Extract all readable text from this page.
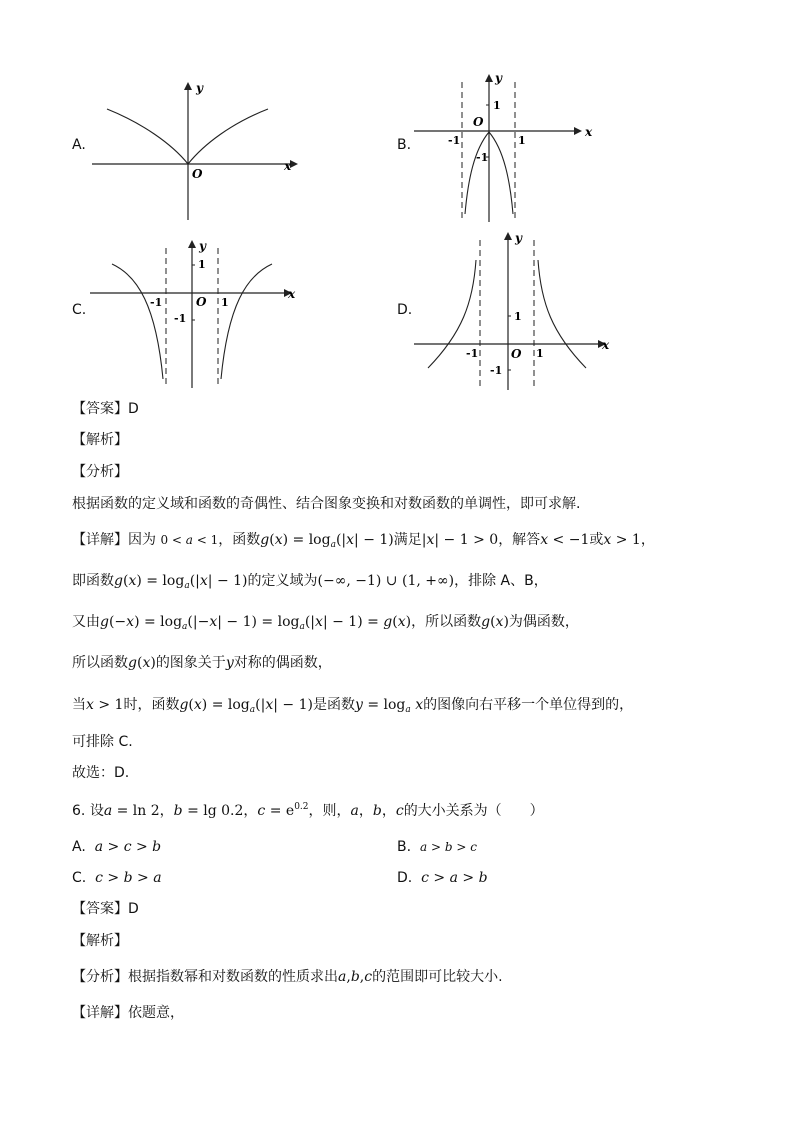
A.
y
x
O
B.
y
x
O
1
-1
-1	1
C.
y
x
O
1
-1
-1	1	D.
y
x
O
1
-1
-1	1
【答案】D
【解析】
【分析】
根据函数的定义域和函数的奇偶性、结合图象变换和对数函数的单调性，即可求解.
【详解】因为 0 < a < 1，函数$g(x) = \log_a(|x| - 1)$满足|x| − 1 > 0，解答x < −1或x > 1，
即函数$g(x) = \log_a(|x| - 1)$的定义域为(−∞, −1) ∪ (1, +∞)，排除 A、B，
又由$g(-x) = \log_a(|-x| - 1) = \log_a(|x| - 1) = g(x)$，所以函数g(x)为偶函数，
所以函数g(x)的图象关于y对称的偶函数，
当x > 1时，函数$g(x) = \log_a(|x| - 1)$是函数$y = \log_a x$的图像向右平移一个单位得到的，
可排除 C.
故选：D.
6. 设a = ln 2，b = lg 0.2，$c = e^{0.2}$，则，a，b，c的大小关系为（　　）
A. a > c > b	B. a > b > c
C. c > b > a	D. c > a > b
【答案】D
【解析】
【分析】根据指数幂和对数函数的性质求出a,b,c的范围即可比较大小.
【详解】依题意，
